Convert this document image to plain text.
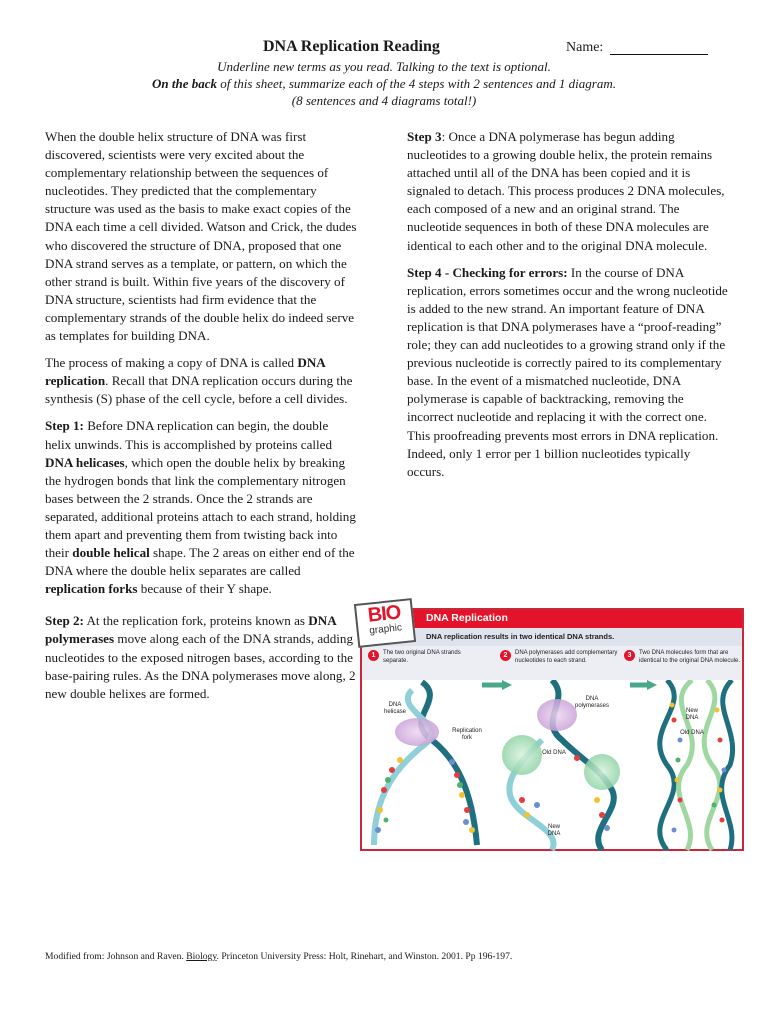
DNA Replication Reading	Name:
Underline new terms as you read. Talking to the text is optional.
On the back of this sheet, summarize each of the 4 steps with 2 sentences and 1 diagram.
(8 sentences and 4 diagrams total!)

When the double helix structure of DNA was first discovered, scientists were very excited about the complementary relationship between the sequences of nucleotides. They predicted that the complementary structure was used as the basis to make exact copies of the DNA each time a cell divided. Watson and Crick, the dudes who discovered the structure of DNA, proposed that one DNA strand serves as a template, or pattern, on which the other strand is built. Within five years of the discovery of DNA structure, scientists had firm evidence that the complementary strands of the double helix do indeed serve as templates for building DNA.

The process of making a copy of DNA is called DNA replication. Recall that DNA replication occurs during the synthesis (S) phase of the cell cycle, before a cell divides.

Step 1: Before DNA replication can begin, the double helix unwinds. This is accomplished by proteins called DNA helicases, which open the double helix by breaking the hydrogen bonds that link the complementary nitrogen bases between the 2 strands. Once the 2 strands are separated, additional proteins attach to each strand, holding them apart and preventing them from twisting back into their double helical shape. The 2 areas on either end of the DNA where the double helix separates are called replication forks because of their Y shape.

Step 2: At the replication fork, proteins known as DNA polymerases move along each of the DNA strands, adding nucleotides to the exposed nitrogen bases, according to the base-pairing rules. As the DNA polymerases move along, 2 new double helixes are formed.

Step 3: Once a DNA polymerase has begun adding nucleotides to a growing double helix, the protein remains attached until all of the DNA has been copied and it is signaled to detach. This process produces 2 DNA molecules, each composed of a new and an original strand. The nucleotide sequences in both of these DNA molecules are identical to each other and to the original DNA molecule.

Step 4 - Checking for errors: In the course of DNA replication, errors sometimes occur and the wrong nucleotide is added to the new strand. An important feature of DNA replication is that DNA polymerases have a “proof-reading” role; they can add nucleotides to a growing strand only if the previous nucleotide is correctly paired to its complementary base. In the event of a mismatched nucleotide, DNA polymerase is capable of backtracking, removing the incorrect nucleotide and replacing it with the correct one. This proofreading prevents most errors in DNA replication. Indeed, only 1 error per 1 billion nucleotides typically occurs.

DNA Replication
DNA replication results in two identical DNA strands.
1	The two original DNA strands separate.
2	DNA polymerases add complementary nucleotides to each strand.
3	Two DNA molecules form that are identical to the original DNA molecule.
DNA helicase
Replication fork
DNA polymerases
Old DNA
New DNA
New DNA
Old DNA
BIO
graphic
Modified from: Johnson and Raven. Biology. Princeton University Press: Holt, Rinehart, and Winston. 2001. Pp 196-197.
